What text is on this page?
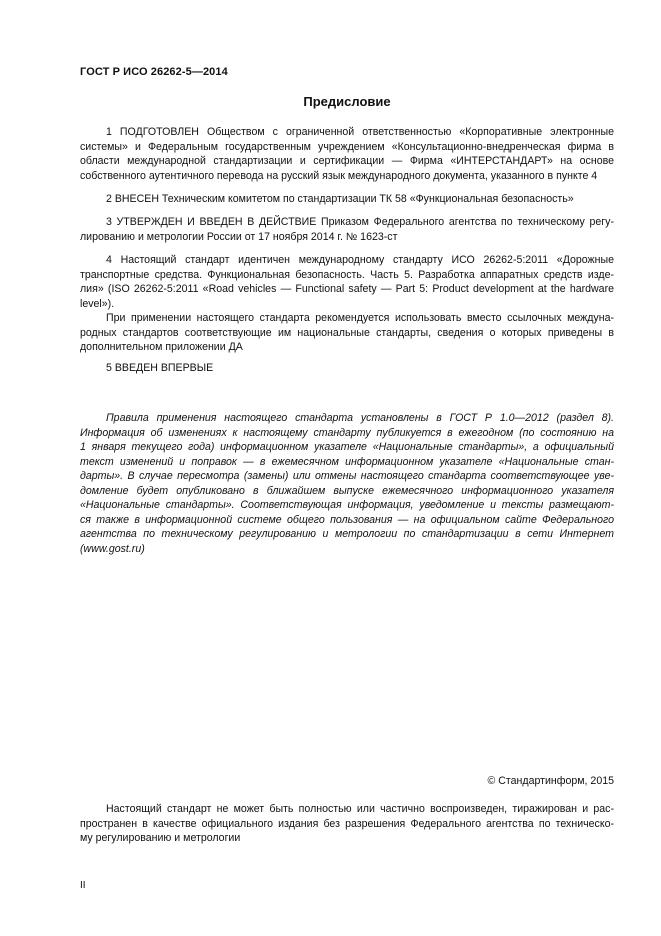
ГОСТ Р ИСО 26262-5—2014
Предисловие
1 ПОДГОТОВЛЕН Обществом с ограниченной ответственностью «Корпоративные электронные
системы» и Федеральным государственным учреждением «Консультационно-внедренческая фирма в
области международной стандартизации и сертификации — Фирма «ИНТЕРСТАНДАРТ» на основе
собственного аутентичного перевода на русский язык международного документа, указанного в пункте 4
2 ВНЕСЕН Техническим комитетом по стандартизации ТК 58 «Функциональная безопасность»
3 УТВЕРЖДЕН И ВВЕДЕН В ДЕЙСТВИЕ Приказом Федерального агентства по техническому регу-
лированию и метрологии России от 17 ноября 2014 г. № 1623-ст
4 Настоящий стандарт идентичен международному стандарту ИСО 26262-5:2011 «Дорожные
транспортные средства. Функциональная безопасность. Часть 5. Разработка аппаратных средств изде-
лия» (ISO 26262-5:2011 «Road vehicles — Functional safety — Part 5: Product development at the hardware
level»).
При применении настоящего стандарта рекомендуется использовать вместо ссылочных междуна-
родных стандартов соответствующие им национальные стандарты, сведения о которых приведены в
дополнительном приложении ДА
5 ВВЕДЕН ВПЕРВЫЕ
Правила применения настоящего стандарта установлены в ГОСТ Р 1.0—2012 (раздел 8).
Информация об изменениях к настоящему стандарту публикуется в ежегодном (по состоянию на
1 января текущего года) информационном указателе «Национальные стандарты», а официальный
текст изменений и поправок — в ежемесячном информационном указателе «Национальные стан-
дарты». В случае пересмотра (замены) или отмены настоящего стандарта соответствующее уве-
домление будет опубликовано в ближайшем выпуске ежемесячного информационного указателя
«Национальные стандарты». Соответствующая информация, уведомление и тексты размещают-
ся также в информационной системе общего пользования — на официальном сайте Федерального
агентства по техническому регулированию и метрологии по стандартизации в сети Интернет
(www.gost.ru)
© Стандартинформ, 2015
Настоящий стандарт не может быть полностью или частично воспроизведен, тиражирован и рас-
пространен в качестве официального издания без разрешения Федерального агентства по техническо-
му регулированию и метрологии
II
